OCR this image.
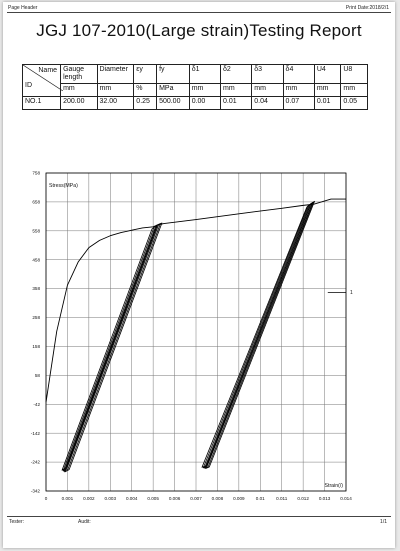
Page Header	Print Date:2018/2/1
JGJ 107-2010(Large strain)Testing Report
Name
ID	Gauge length	Diameter	εy	fy	δ1	δ2	δ3	δ4	U4	U8
	mm	mm	%	MPa	mm	mm	mm	mm	mm	mm
NO.1	200.00	32.00	0.25	500.00	0.00	0.01	0.04	0.07	0.01	0.05
0	0.001 0.002 0.003 0.004 0.005 0.006 0.007 0.008 0.009 0.01 0.011 0.012 0.013 0.014
758
658
558
458
358
258
158
58
-42
-142
-242
-342
Stress(MPa)
Strain(/)
1
Tester:	Audit:	1/1
